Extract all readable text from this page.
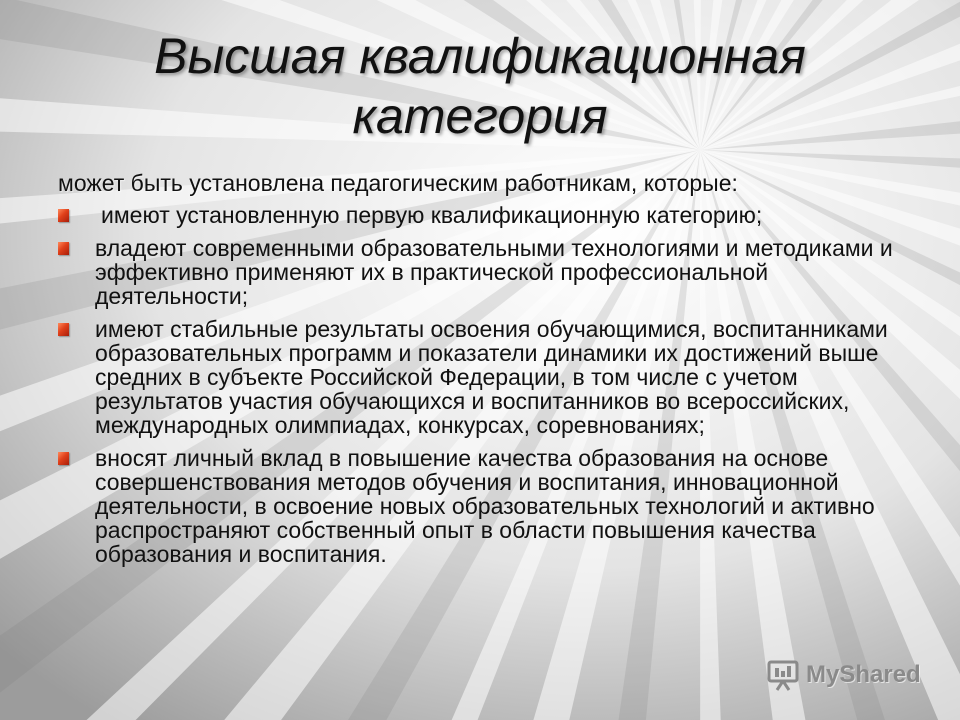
Высшая квалификационная
категория
может быть установлена педагогическим работникам, которые:
имеют установленную первую квалификационную категорию;
владеют современными образовательными технологиями и методиками и эффективно применяют их в практической профессиональной деятельности;
имеют стабильные результаты освоения обучающимися, воспитанниками образовательных программ и показатели динамики их достижений выше средних в субъекте Российской Федерации, в том числе с учетом результатов участия обучающихся и воспитанников во всероссийских, международных олимпиадах, конкурсах, соревнованиях;
вносят личный вклад в повышение качества образования на основе совершенствования методов обучения и воспитания, инновационной деятельности, в освоение новых образовательных технологий и активно распространяют собственный опыт в области повышения качества образования и воспитания.
MyShared
